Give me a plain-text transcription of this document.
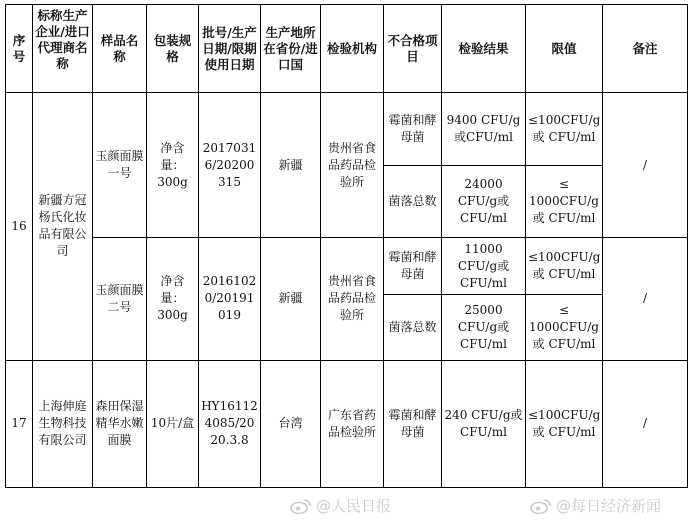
序号	标称生产企业/进口代理商名称	样品名称	包装规格	批号/生产日期/限期使用日期	生产地所在省份/进口国	检验机构	不合格项目	检验结果	限值	备注
16	新疆方冠杨氏化妆品有限公司	玉颜面膜 一号	净含量：300g	20170316/20200315	新疆	贵州省食品药品检验所	霉菌和酵母菌	9400 CFU/g或CFU/ml	≤100CFU/g或 CFU/ml	/
							菌落总数	24000 CFU/g或CFU/ml	≤ 1000CFU/g或 CFU/ml	
		玉颜面膜 二号	净含量：300g	20161020/20191019	新疆	贵州省食品药品检验所	霉菌和酵母菌	11000 CFU/g或CFU/ml	≤100CFU/g或 CFU/ml	/
							菌落总数	25000 CFU/g或CFU/ml	≤ 1000CFU/g或 CFU/ml	
17	上海伸庭生物科技有限公司	森田保湿精华水嫩面膜	10片/盒	HY161124085/2020.3.8	台湾	广东省药品检验所	霉菌和酵母菌	240 CFU/g或CFU/ml	≤100CFU/g或 CFU/ml	/
@人民日报	@每日经济新闻
